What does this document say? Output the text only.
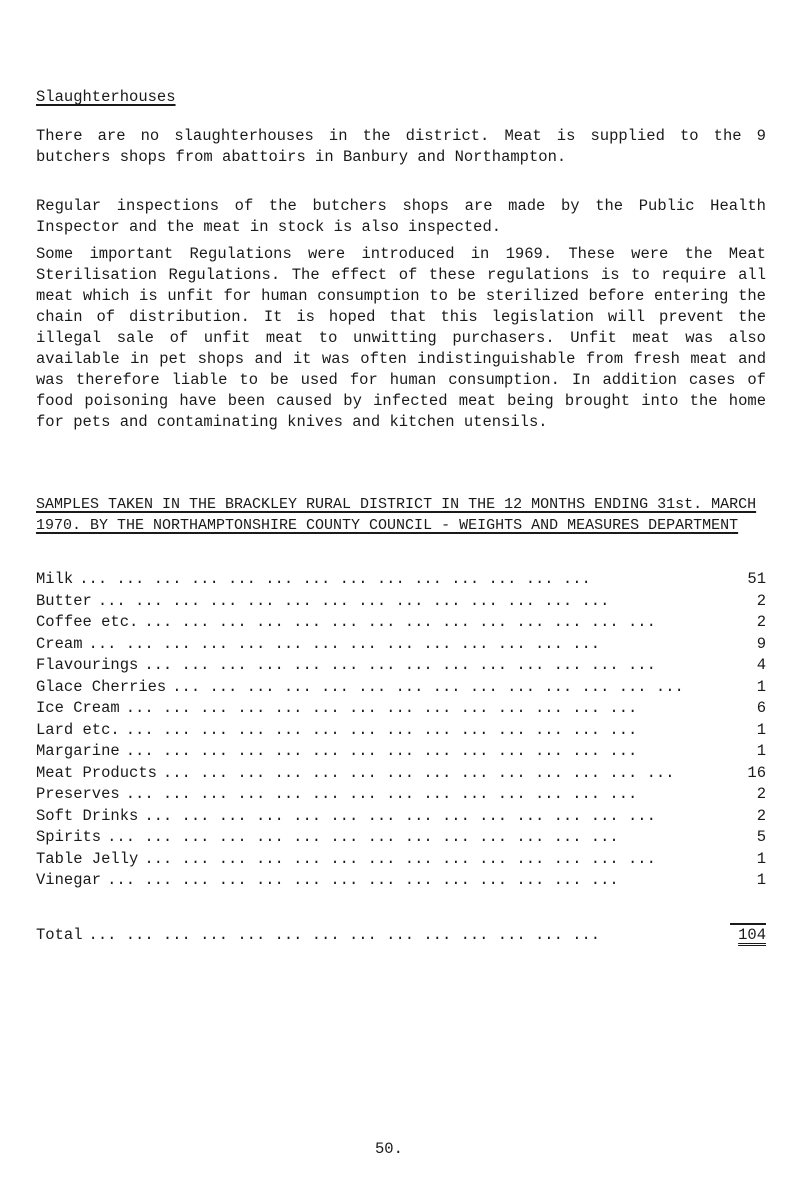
Slaughterhouses

There are no slaughterhouses in the district. Meat is supplied to the 9 butchers shops from abattoirs in Banbury and Northampton.

Regular inspections of the butchers shops are made by the Public Health Inspector and the meat in stock is also inspected.

Some important Regulations were introduced in 1969. These were the Meat Sterilisation Regulations. The effect of these regulations is to require all meat which is unfit for human consumption to be sterilized before entering the chain of distribution. It is hoped that this legislation will prevent the illegal sale of unfit meat to unwitting purchasers. Unfit meat was also available in pet shops and it was often indistinguishable from fresh meat and was therefore liable to be used for human consumption. In addition cases of food poisoning have been caused by infected meat being brought into the home for pets and contaminating knives and kitchen utensils.

SAMPLES TAKEN IN THE BRACKLEY RURAL DISTRICT IN THE 12 MONTHS ENDING 31st. MARCH 1970. BY THE NORTHAMPTONSHIRE COUNTY COUNCIL - WEIGHTS AND MEASURES DEPARTMENT
Milk ... ... ... ... ... ... ... ... ... ... ... ... ... ...	51
Butter ... ... ... ... ... ... ... ... ... ... ... ... ... ...	2
Coffee etc. ... ... ... ... ... ... ... ... ... ... ... ... ... ...	2
Cream ... ... ... ... ... ... ... ... ... ... ... ... ... ...	9
Flavourings ... ... ... ... ... ... ... ... ... ... ... ... ... ...	4
Glace Cherries ... ... ... ... ... ... ... ... ... ... ... ... ... ...	1
Ice Cream ... ... ... ... ... ... ... ... ... ... ... ... ... ...	6
Lard etc. ... ... ... ... ... ... ... ... ... ... ... ... ... ...	1
Margarine ... ... ... ... ... ... ... ... ... ... ... ... ... ...	1
Meat Products ... ... ... ... ... ... ... ... ... ... ... ... ... ...	16
Preserves ... ... ... ... ... ... ... ... ... ... ... ... ... ...	2
Soft Drinks ... ... ... ... ... ... ... ... ... ... ... ... ... ...	2
Spirits ... ... ... ... ... ... ... ... ... ... ... ... ... ...	5
Table Jelly ... ... ... ... ... ... ... ... ... ... ... ... ... ...	1
Vinegar ... ... ... ... ... ... ... ... ... ... ... ... ... ...	1
Total ... ... ... ... ... ... ... ... ... ... ... ... ... ...	104
50.
